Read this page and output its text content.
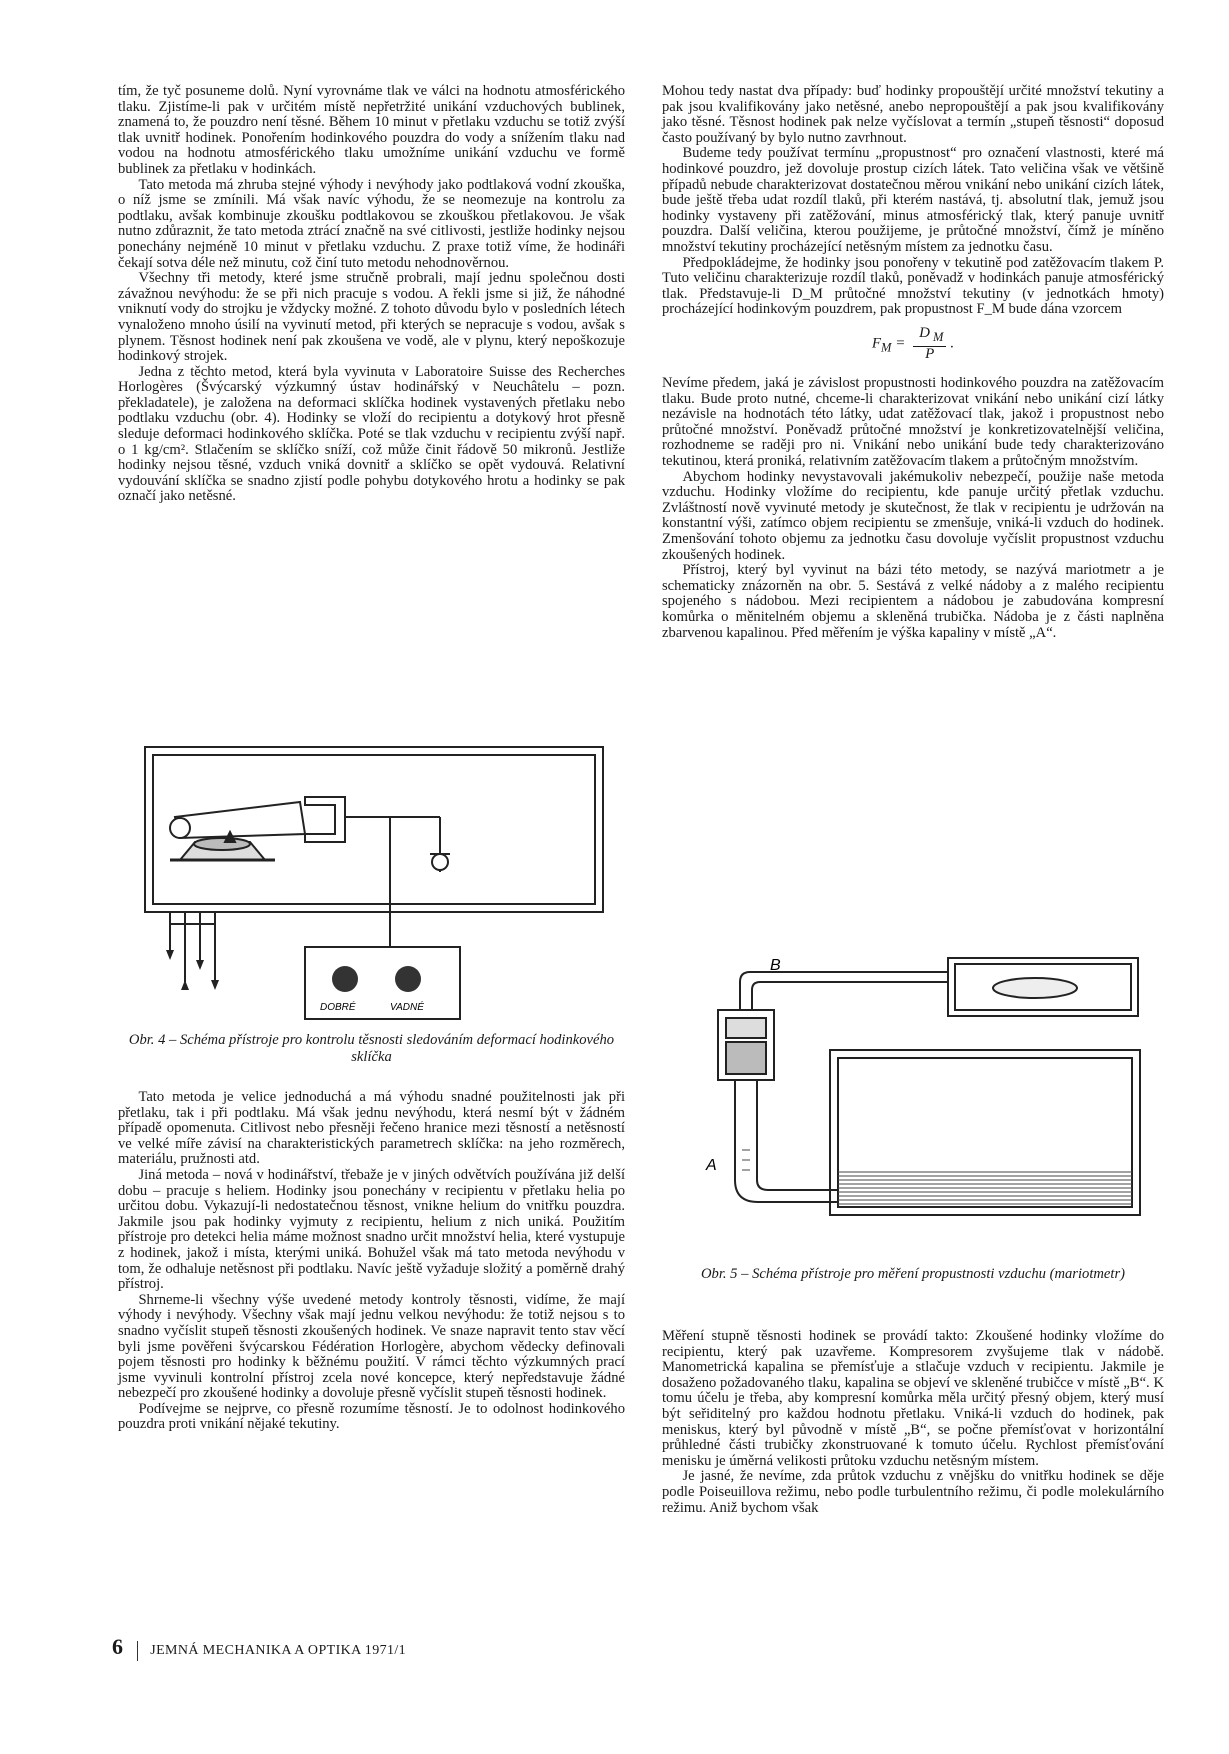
tím, že tyč posuneme dolů. Nyní vyrovnáme tlak ve válci na hodnotu atmosférického tlaku. Zjistíme-li pak v určitém místě nepřetržité unikání vzduchových bublinek, znamená to, že pouzdro není těsné. Během 10 minut v přetlaku vzduchu se totiž zvýší tlak uvnitř hodinek. Ponořením hodinkového pouzdra do vody a snížením tlaku nad vodou na hodnotu atmosférického tlaku umožníme unikání vzduchu ve formě bublinek za přetlaku v hodinkách.

Tato metoda má zhruba stejné výhody i nevýhody jako podtlaková vodní zkouška, o níž jsme se zmínili. Má však navíc výhodu, že se neomezuje na kontrolu za podtlaku, avšak kombinuje zkoušku podtlakovou se zkouškou přetlakovou. Je však nutno zdůraznit, že tato metoda ztrácí značně na své citlivosti, jestliže hodinky nejsou ponechány nejméně 10 minut v přetlaku vzduchu. Z praxe totiž víme, že hodináři čekají sotva déle než minutu, což činí tuto metodu nehodnověrnou.

Všechny tři metody, které jsme stručně probrali, mají jednu společnou dosti závažnou nevýhodu: že se při nich pracuje s vodou. A řekli jsme si již, že náhodné vniknutí vody do strojku je vždycky možné. Z tohoto důvodu bylo v posledních létech vynaloženo mnoho úsilí na vyvinutí metod, při kterých se nepracuje s vodou, avšak s plynem. Těsnost hodinek není pak zkoušena ve vodě, ale v plynu, který nepoškozuje hodinkový strojek.

Jedna z těchto metod, která byla vyvinuta v Laboratoire Suisse des Recherches Horlogères (Švýcarský výzkumný ústav hodinářský v Neuchâtelu – pozn. překladatele), je založena na deformaci sklíčka hodinek vystavených přetlaku nebo podtlaku vzduchu (obr. 4). Hodinky se vloží do recipientu a dotykový hrot přesně sleduje deformaci hodinkového sklíčka. Poté se tlak vzduchu v recipientu zvýší např. o 1 kg/cm². Stlačením se sklíčko sníží, což může činit řádově 50 mikronů. Jestliže hodinky nejsou těsné, vzduch vniká dovnitř a sklíčko se opět vydouvá. Relativní vydouvání sklíčka se snadno zjistí podle pohybu dotykového hrotu a hodinky se pak označí jako netěsné.

DOBRÉ	VADNÉ
Obr. 4 – Schéma přístroje pro kontrolu těsnosti sledováním deformací hodinkového sklíčka

Tato metoda je velice jednoduchá a má výhodu snadné použitelnosti jak při přetlaku, tak i při podtlaku. Má však jednu nevýhodu, která nesmí být v žádném případě opomenuta. Citlivost nebo přesněji řečeno hranice mezi těsností a netěsností ve velké míře závisí na charakteristických parametrech sklíčka: na jeho rozměrech, materiálu, pružnosti atd.

Jiná metoda – nová v hodinářství, třebaže je v jiných odvětvích používána již delší dobu – pracuje s heliem. Hodinky jsou ponechány v recipientu v přetlaku helia po určitou dobu. Vykazují-li nedostatečnou těsnost, vnikne helium do vnitřku pouzdra. Jakmile jsou pak hodinky vyjmuty z recipientu, helium z nich uniká. Použitím přístroje pro detekci helia máme možnost snadno určit množství helia, které vystupuje z hodinek, jakož i místa, kterými uniká. Bohužel však má tato metoda nevýhodu v tom, že odhaluje netěsnost při podtlaku. Navíc ještě vyžaduje složitý a poměrně drahý přístroj.

Shrneme-li všechny výše uvedené metody kontroly těsnosti, vidíme, že mají výhody i nevýhody. Všechny však mají jednu velkou nevýhodu: že totiž nejsou s to snadno vyčíslit stupeň těsnosti zkoušených hodinek. Ve snaze napravit tento stav věcí byli jsme pověřeni švýcarskou Fédération Horlogère, abychom vědecky definovali pojem těsnosti pro hodinky k běžnému použití. V rámci těchto výzkumných prací jsme vyvinuli kontrolní přístroj zcela nové koncepce, který nepředstavuje žádné nebezpečí pro zkoušené hodinky a dovoluje přesně vyčíslit stupeň těsnosti hodinek.

Podívejme se nejprve, co přesně rozumíme těsností. Je to odolnost hodinkového pouzdra proti vnikání nějaké tekutiny.

Mohou tedy nastat dva případy: buď hodinky propouštějí určité množství tekutiny a pak jsou kvalifikovány jako netěsné, anebo nepropouštějí a pak jsou kvalifikovány jako těsné. Těsnost hodinek pak nelze vyčíslovat a termín „stupeň těsnosti“ doposud často používaný by bylo nutno zavrhnout.

Budeme tedy používat termínu „propustnost“ pro označení vlastnosti, které má hodinkové pouzdro, jež dovoluje prostup cizích látek. Tato veličina však ve většině případů nebude charakterizovat dostatečnou měrou vnikání nebo unikání cizích látek, bude ještě třeba udat rozdíl tlaků, při kterém nastává, tj. absolutní tlak, jemuž jsou hodinky vystaveny při zatěžování, minus atmosférický tlak, který panuje uvnitř pouzdra. Další veličina, kterou použijeme, je průtočné množství, čímž je míněno množství tekutiny procházející netěsným místem za jednotku času.

Předpokládejme, že hodinky jsou ponořeny v tekutině pod zatěžovacím tlakem P. Tuto veličinu charakterizuje rozdíl tlaků, poněvadž v hodinkách panuje atmosférický tlak. Představuje-li D_M průtočné množství tekutiny (v jednotkách hmoty) procházející hodinkovým pouzdrem, pak propustnost F_M bude dána vzorcem

$F_M = \frac{D _M}{P}$ .

Nevíme předem, jaká je závislost propustnosti hodinkového pouzdra na zatěžovacím tlaku. Bude proto nutné, chceme-li charakterizovat vnikání nebo unikání cizí látky nezávisle na hodnotách této látky, udat zatěžovací tlak, jakož i propustnost nebo průtočné množství. Poněvadž průtočné množství je konkretizovatelnější veličina, rozhodneme se raději pro ni. Vnikání nebo unikání bude tedy charakterizováno tekutinou, která proniká, relativním zatěžovacím tlakem a průtočným množstvím.

Abychom hodinky nevystavovali jakémukoliv nebezpečí, použije naše metoda vzduchu. Hodinky vložíme do recipientu, kde panuje určitý přetlak vzduchu. Zvláštností nově vyvinuté metody je skutečnost, že tlak v recipientu je udržován na konstantní výši, zatímco objem recipientu se zmenšuje, vniká-li vzduch do hodinek. Zmenšování tohoto objemu za jednotku času dovoluje vyčíslit propustnost vzduchu zkoušených hodinek.

Přístroj, který byl vyvinut na bázi této metody, se nazývá mariotmetr a je schematicky znázorněn na obr. 5. Sestává z velké nádoby a z malého recipientu spojeného s nádobou. Mezi recipientem a nádobou je zabudována kompresní komůrka o měnitelném objemu a skleněná trubička. Nádoba je z části naplněna zbarvenou kapalinou. Před měřením je výška kapaliny v místě „A“.

B
A
Obr. 5 – Schéma přístroje pro měření propustnosti vzduchu (mariotmetr)

Měření stupně těsnosti hodinek se provádí takto: Zkoušené hodinky vložíme do recipientu, který pak uzavřeme. Kompresorem zvyšujeme tlak v nádobě. Manometrická kapalina se přemísťuje a stlačuje vzduch v recipientu. Jakmile je dosaženo požadovaného tlaku, kapalina se objeví ve skleněné trubičce v místě „B“. K tomu účelu je třeba, aby kompresní komůrka měla určitý přesný objem, který musí být seřiditelný pro každou hodnotu přetlaku. Vniká-li vzduch do hodinek, pak meniskus, který byl původně v místě „B“, se počne přemísťovat v horizontální průhledné části trubičky zkonstruované k tomuto účelu. Rychlost přemísťování menisku je úměrná velikosti průtoku vzduchu netěsným místem.

Je jasné, že nevíme, zda průtok vzduchu z vnějšku do vnitřku hodinek se děje podle Poiseuillova režimu, nebo podle turbulentního režimu, či podle molekulárního režimu. Aniž bychom však

6 JEMNÁ MECHANIKA A OPTIKA 1971/1
